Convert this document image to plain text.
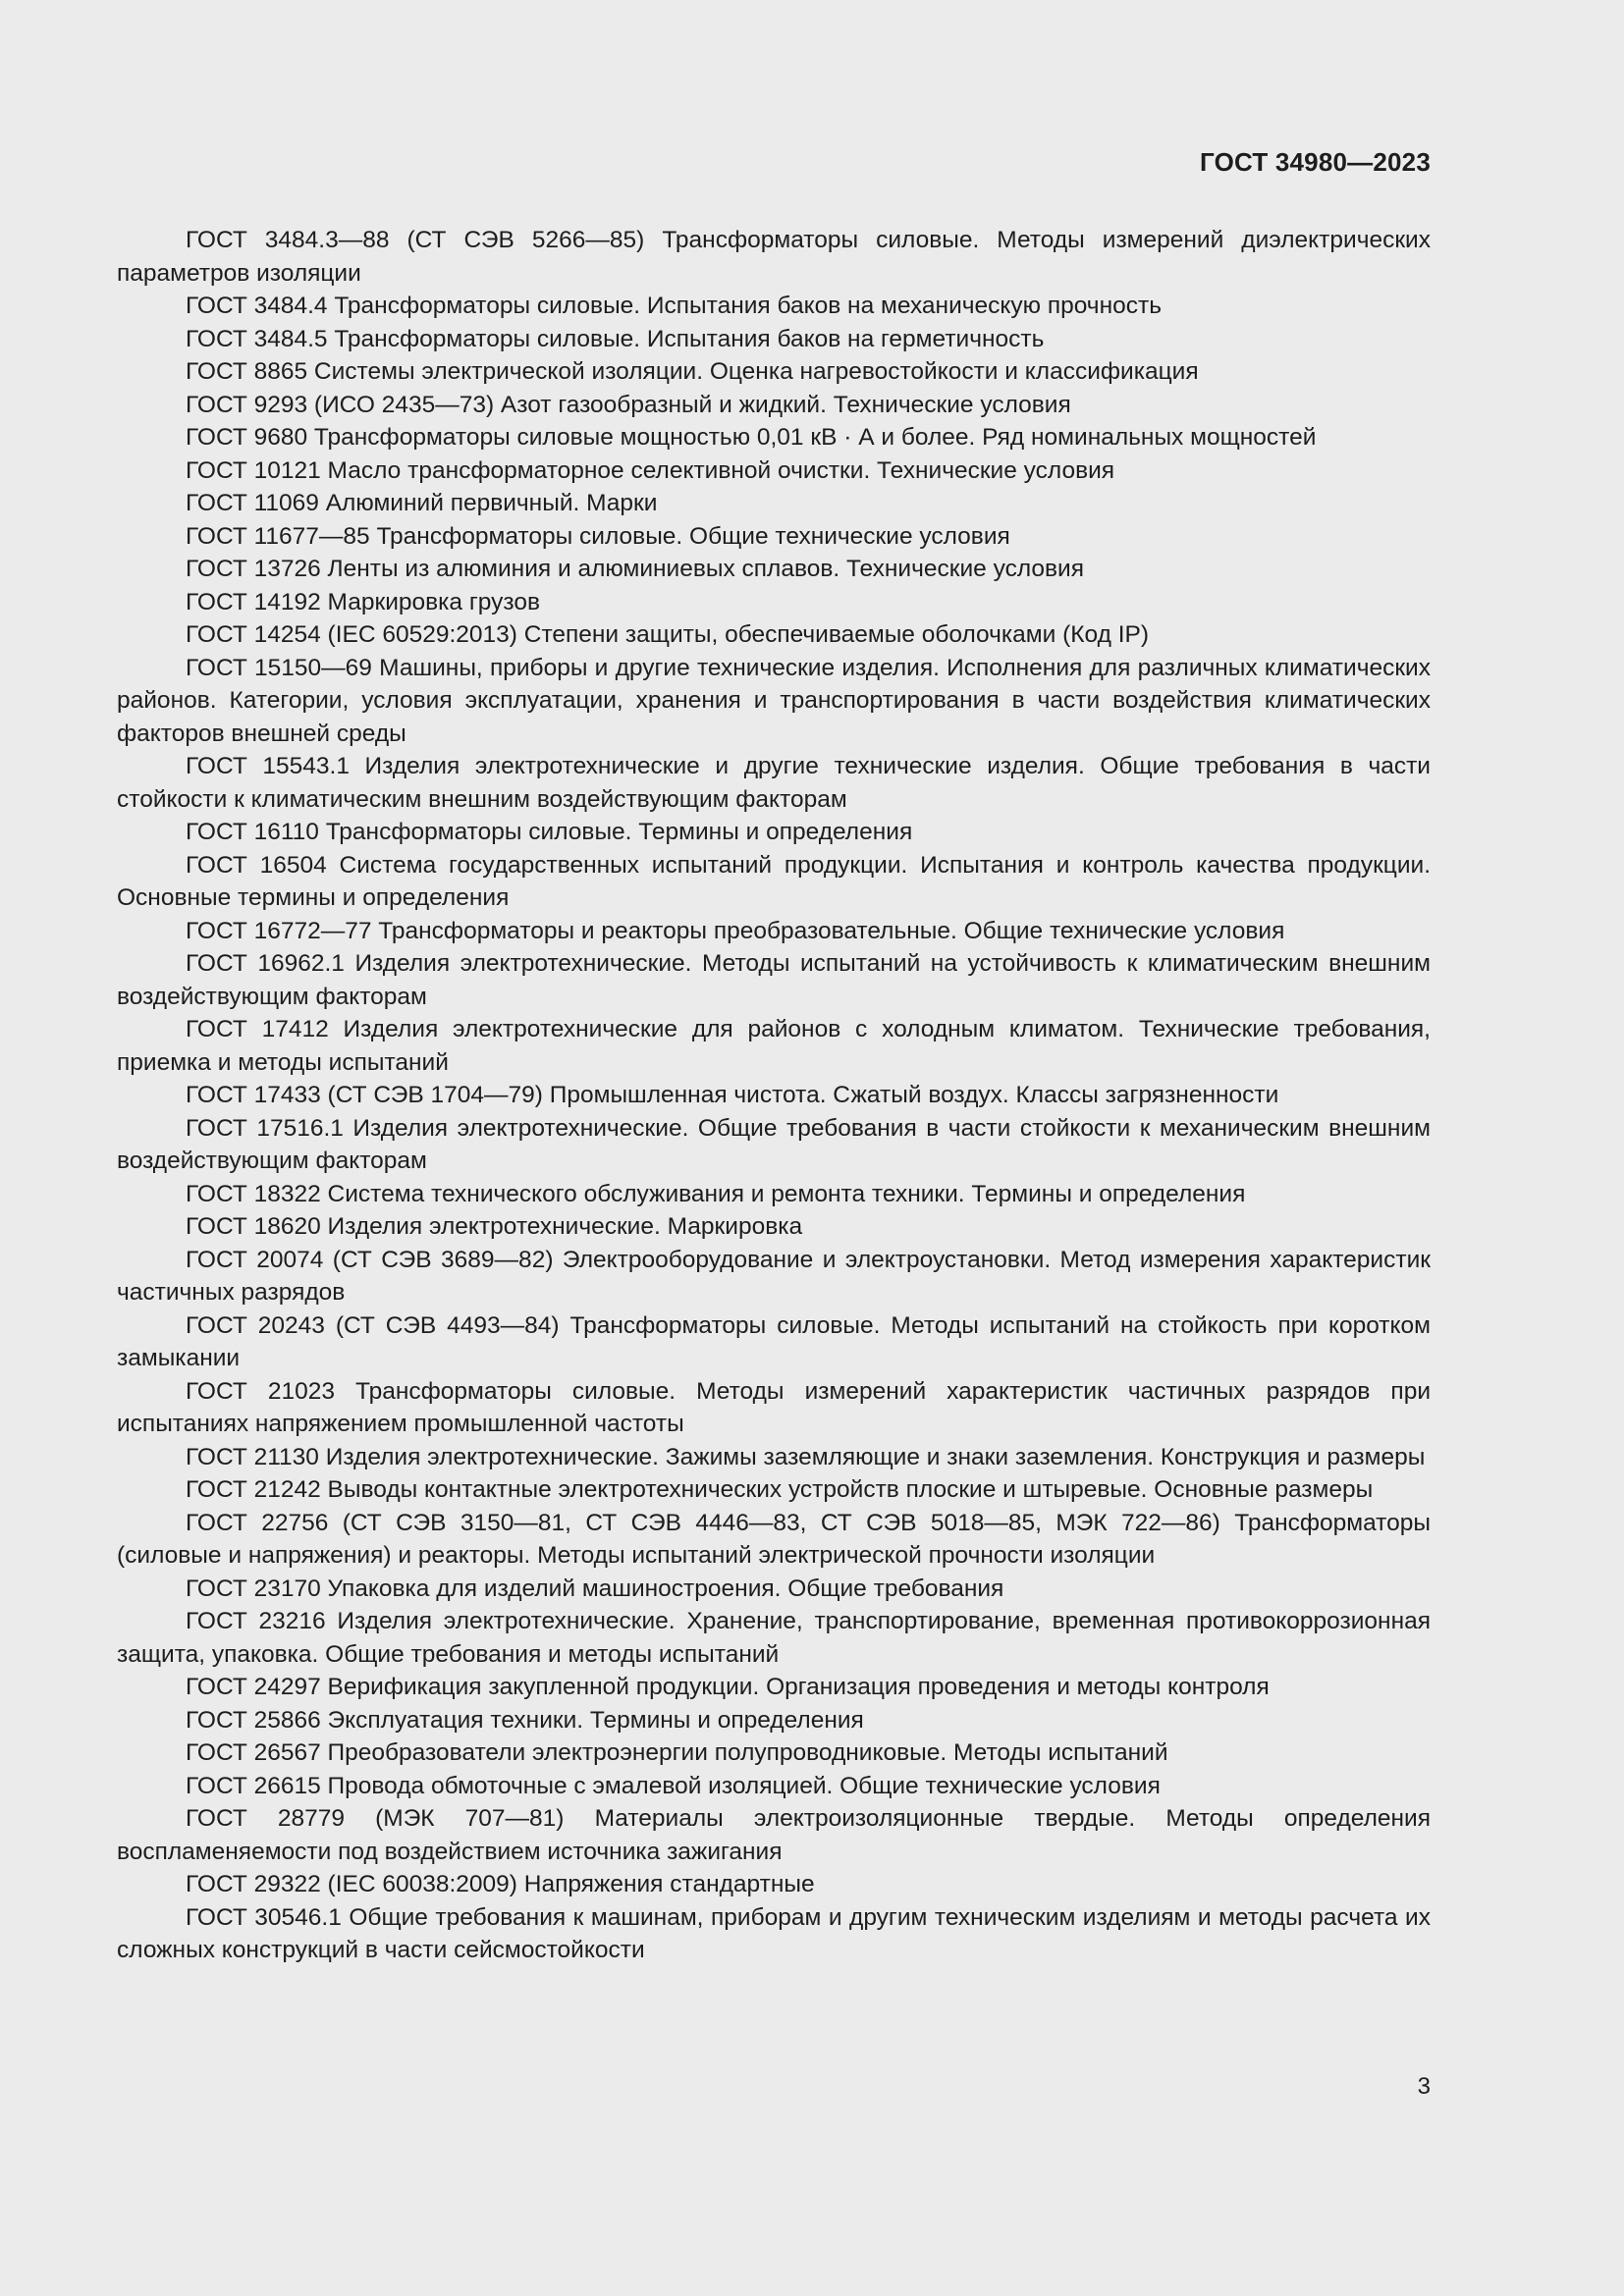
ГОСТ 34980—2023
ГОСТ 3484.3—88 (СТ СЭВ 5266—85) Трансформаторы силовые. Методы измерений диэлектрических параметров изоляции
ГОСТ 3484.4 Трансформаторы силовые. Испытания баков на механическую прочность
ГОСТ 3484.5 Трансформаторы силовые. Испытания баков на герметичность
ГОСТ 8865 Системы электрической изоляции. Оценка нагревостойкости и классификация
ГОСТ 9293 (ИСО 2435—73) Азот газообразный и жидкий. Технические условия
ГОСТ 9680 Трансформаторы силовые мощностью 0,01 кВ · А и более. Ряд номинальных мощностей
ГОСТ 10121 Масло трансформаторное селективной очистки. Технические условия
ГОСТ 11069 Алюминий первичный. Марки
ГОСТ 11677—85 Трансформаторы силовые. Общие технические условия
ГОСТ 13726 Ленты из алюминия и алюминиевых сплавов. Технические условия
ГОСТ 14192 Маркировка грузов
ГОСТ 14254 (IEC 60529:2013) Степени защиты, обеспечиваемые оболочками (Код IP)
ГОСТ 15150—69 Машины, приборы и другие технические изделия. Исполнения для различных климатических районов. Категории, условия эксплуатации, хранения и транспортирования в части воздействия климатических факторов внешней среды
ГОСТ 15543.1 Изделия электротехнические и другие технические изделия. Общие требования в части стойкости к климатическим внешним воздействующим факторам
ГОСТ 16110 Трансформаторы силовые. Термины и определения
ГОСТ 16504 Система государственных испытаний продукции. Испытания и контроль качества продукции. Основные термины и определения
ГОСТ 16772—77 Трансформаторы и реакторы преобразовательные. Общие технические условия
ГОСТ 16962.1 Изделия электротехнические. Методы испытаний на устойчивость к климатическим внешним воздействующим факторам
ГОСТ 17412 Изделия электротехнические для районов с холодным климатом. Технические требования, приемка и методы испытаний
ГОСТ 17433 (СТ СЭВ 1704—79) Промышленная чистота. Сжатый воздух. Классы загрязненности
ГОСТ 17516.1 Изделия электротехнические. Общие требования в части стойкости к механическим внешним воздействующим факторам
ГОСТ 18322 Система технического обслуживания и ремонта техники. Термины и определения
ГОСТ 18620 Изделия электротехнические. Маркировка
ГОСТ 20074 (СТ СЭВ 3689—82) Электрооборудование и электроустановки. Метод измерения характеристик частичных разрядов
ГОСТ 20243 (СТ СЭВ 4493—84) Трансформаторы силовые. Методы испытаний на стойкость при коротком замыкании
ГОСТ 21023 Трансформаторы силовые. Методы измерений характеристик частичных разрядов при испытаниях напряжением промышленной частоты
ГОСТ 21130 Изделия электротехнические. Зажимы заземляющие и знаки заземления. Конструкция и размеры
ГОСТ 21242 Выводы контактные электротехнических устройств плоские и штыревые. Основные размеры
ГОСТ 22756 (СТ СЭВ 3150—81, СТ СЭВ 4446—83, СТ СЭВ 5018—85, МЭК 722—86) Трансформаторы (силовые и напряжения) и реакторы. Методы испытаний электрической прочности изоляции
ГОСТ 23170 Упаковка для изделий машиностроения. Общие требования
ГОСТ 23216 Изделия электротехнические. Хранение, транспортирование, временная противокоррозионная защита, упаковка. Общие требования и методы испытаний
ГОСТ 24297 Верификация закупленной продукции. Организация проведения и методы контроля
ГОСТ 25866 Эксплуатация техники. Термины и определения
ГОСТ 26567 Преобразователи электроэнергии полупроводниковые. Методы испытаний
ГОСТ 26615 Провода обмоточные с эмалевой изоляцией. Общие технические условия
ГОСТ 28779 (МЭК 707—81) Материалы электроизоляционные твердые. Методы определения воспламеняемости под воздействием источника зажигания
ГОСТ 29322 (IEC 60038:2009) Напряжения стандартные
ГОСТ 30546.1 Общие требования к машинам, приборам и другим техническим изделиям и методы расчета их сложных конструкций в части сейсмостойкости
3
